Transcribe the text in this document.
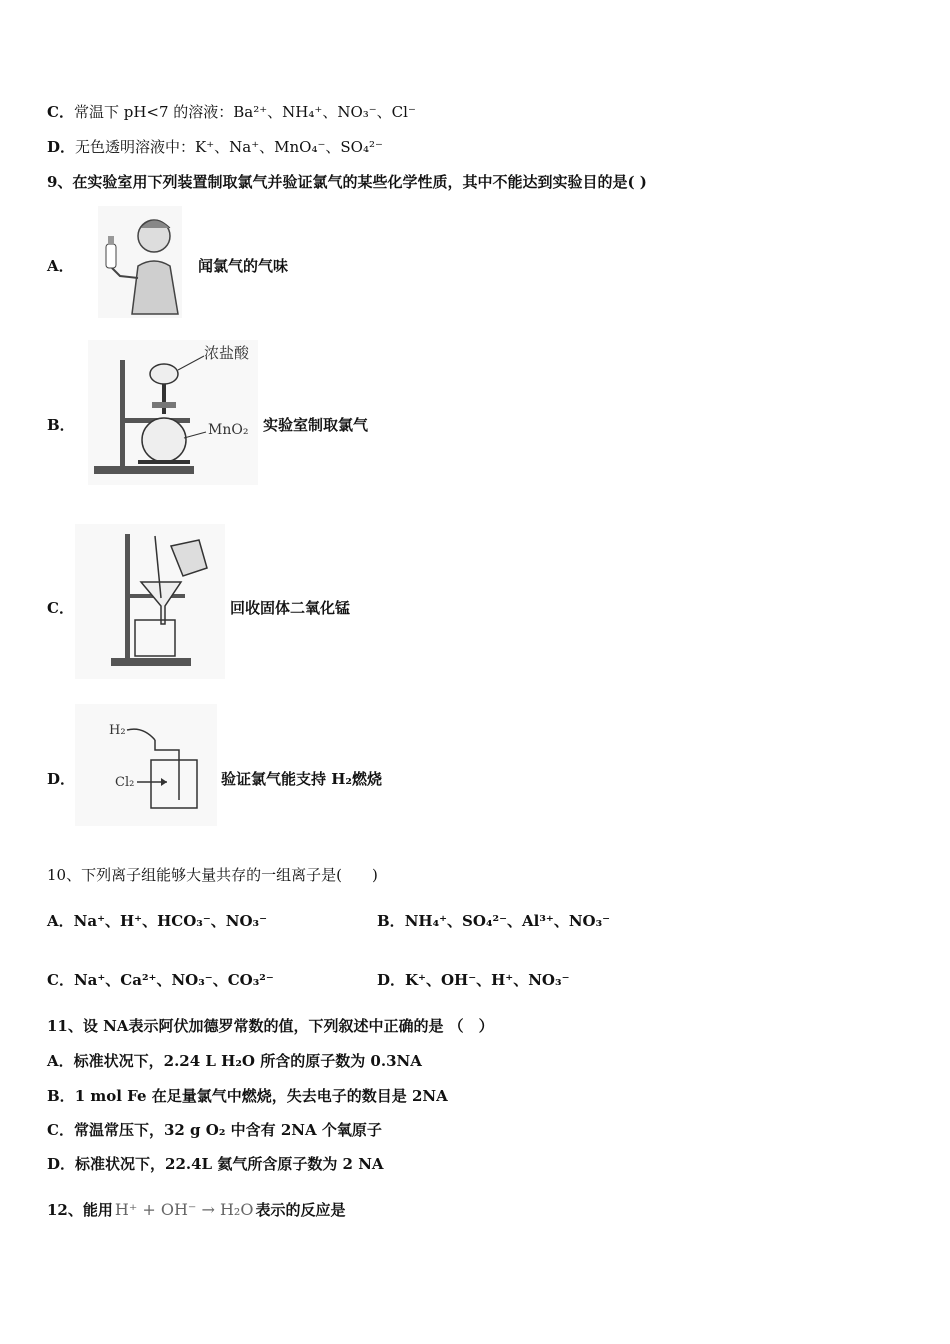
C．常温下 pH<7 的溶液：Ba²⁺、NH₄⁺、NO₃⁻、Cl⁻
D．无色透明溶液中：K⁺、Na⁺、MnO₄⁻、SO₄²⁻
9、在实验室用下列装置制取氯气并验证氯气的某些化学性质，其中不能达到实验目的是( )
A．	闻氯气的气味
B．
浓盐酸
MnO₂ 实验室制取氯气
C．	回收固体二氧化锰
D．
H₂
Cl₂	验证氯气能支持 H₂燃烧
10、下列离子组能够大量共存的一组离子是(　　)
A．Na⁺、H⁺、HCO₃⁻、NO₃⁻	B．NH₄⁺、SO₄²⁻、Al³⁺、NO₃⁻
C．Na⁺、Ca²⁺、NO₃⁻、CO₃²⁻	D．K⁺、OH⁻、H⁺、NO₃⁻
11、设 NA表示阿伏加德罗常数的值，下列叙述中正确的是 （　）
A．标准状况下，2.24 L H₂O 所含的原子数为 0.3NA
B．1 mol Fe 在足量氯气中燃烧，失去电子的数目是 2NA
C．常温常压下，32 g O₂ 中含有 2NA 个氧原子
D．标准状况下，22.4L 氦气所含原子数为 2 NA
12、能用 H⁺ + OH⁻ → H₂O 表示的反应是
